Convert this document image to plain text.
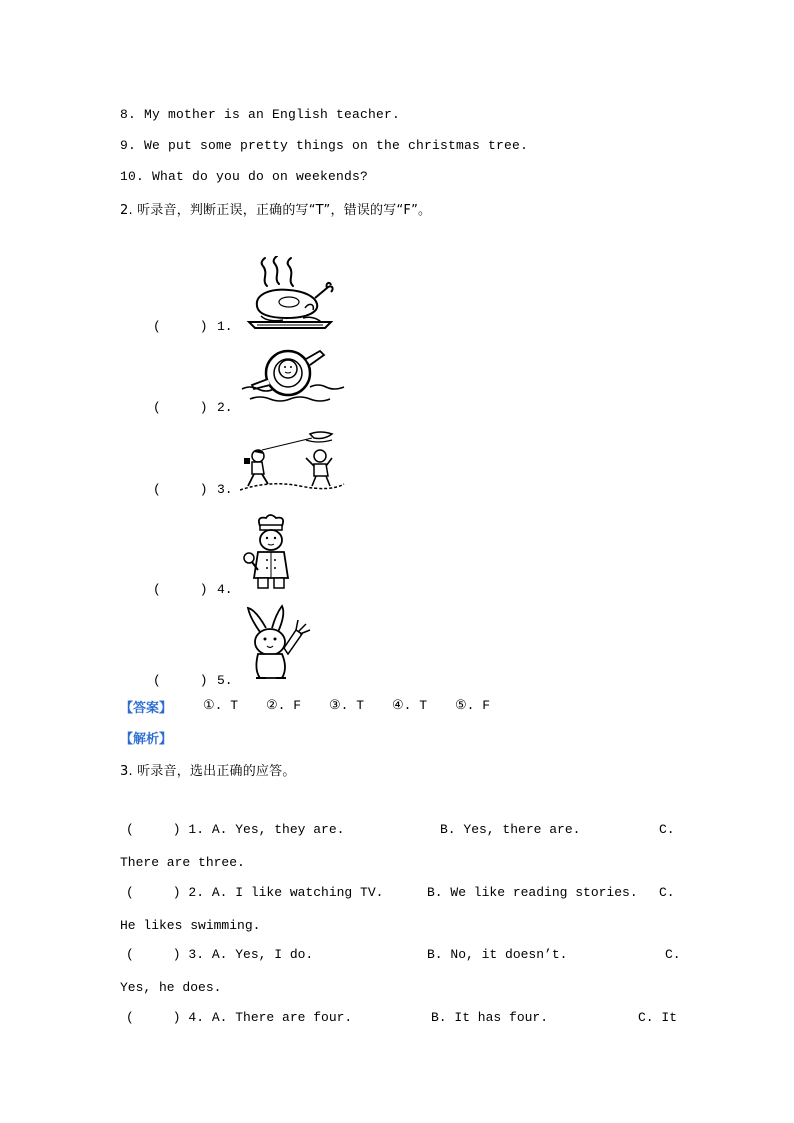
8. My mother is an English teacher.
9. We put some pretty things on the christmas tree.
10. What do you do on weekends?
2. 听录音，判断正误，正确的写“T”，错误的写“F”。
(     ) 1.
(     ) 2.
(     ) 3.
(     ) 4.
(     ) 5.
【答案】 ①. T ②. F ③. T ④. T ⑤. F
【解析】
3. 听录音，选出正确的应答。
(     ) 1. A. Yes, they are.	B. Yes, there are.	C.
There are three.
(     ) 2. A. I like watching TV.	B. We like reading stories. C.
He likes swimming.
(     ) 3. A. Yes, I do.	B. No, it doesn’t.	C.
Yes, he does.
(     ) 4. A. There are four.	B. It has four.	C. It
